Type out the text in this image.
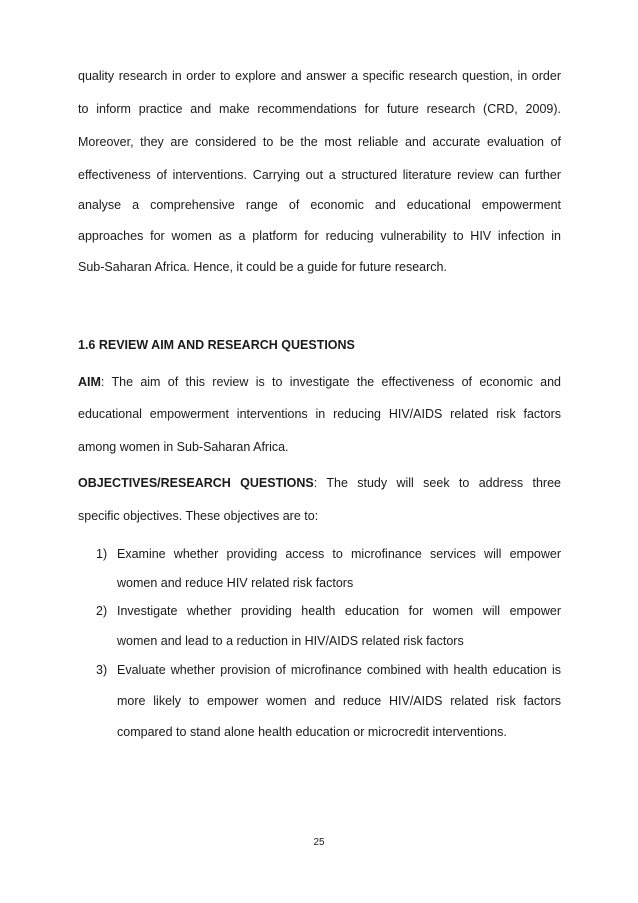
quality research in order to explore and answer a specific research question, in order
to inform practice and make recommendations for future research (CRD, 2009).
Moreover, they are considered to be the most reliable and accurate evaluation of
effectiveness of interventions. Carrying out a structured literature review can further
analyse a comprehensive range of economic and educational empowerment
approaches for women as a platform for reducing vulnerability to HIV infection in
Sub-Saharan Africa. Hence, it could be a guide for future research.
1.6 REVIEW AIM AND RESEARCH QUESTIONS
AIM: The aim of this review is to investigate the effectiveness of economic and
educational empowerment interventions in reducing HIV/AIDS related risk factors
among women in Sub-Saharan Africa.
OBJECTIVES/RESEARCH QUESTIONS: The study will seek to address three
specific objectives. These objectives are to:
1) Examine whether providing access to microfinance services will empower
women and reduce HIV related risk factors
2) Investigate whether providing health education for women will empower
women and lead to a reduction in HIV/AIDS related risk factors
3) Evaluate whether provision of microfinance combined with health education is
more likely to empower women and reduce HIV/AIDS related risk factors
compared to stand alone health education or microcredit interventions.
25
